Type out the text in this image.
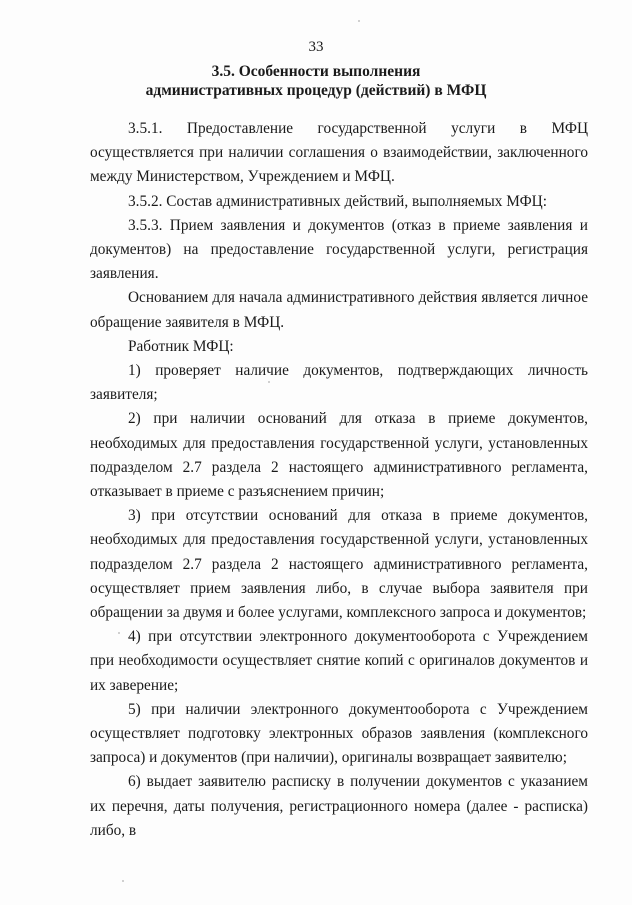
33
3.5. Особенности выполнения
административных процедур (действий) в МФЦ

3.5.1. Предоставление государственной услуги в МФЦ осуществляется при наличии соглашения о взаимодействии, заключенного между Министерством, Учреждением и МФЦ.

3.5.2. Состав административных действий, выполняемых МФЦ:

3.5.3. Прием заявления и документов (отказ в приеме заявления и документов) на предоставление государственной услуги, регистрация заявления.

Основанием для начала административного действия является личное обращение заявителя в МФЦ.

Работник МФЦ:

1) проверяет наличие документов, подтверждающих личность заявителя;

2) при наличии оснований для отказа в приеме документов, необходимых для предоставления государственной услуги, установленных подразделом 2.7 раздела 2 настоящего административного регламента, отказывает в приеме с разъяснением причин;

3) при отсутствии оснований для отказа в приеме документов, необходимых для предоставления государственной услуги, установленных подразделом 2.7 раздела 2 настоящего административного регламента, осуществляет прием заявления либо, в случае выбора заявителя при обращении за двумя и более услугами, комплексного запроса и документов;

4) при отсутствии электронного документооборота с Учреждением при необходимости осуществляет снятие копий с оригиналов документов и их заверение;

5) при наличии электронного документооборота с Учреждением осуществляет подготовку электронных образов заявления (комплексного запроса) и документов (при наличии), оригиналы возвращает заявителю;

6) выдает заявителю расписку в получении документов с указанием их перечня, даты получения, регистрационного номера (далее - расписка) либо, в
